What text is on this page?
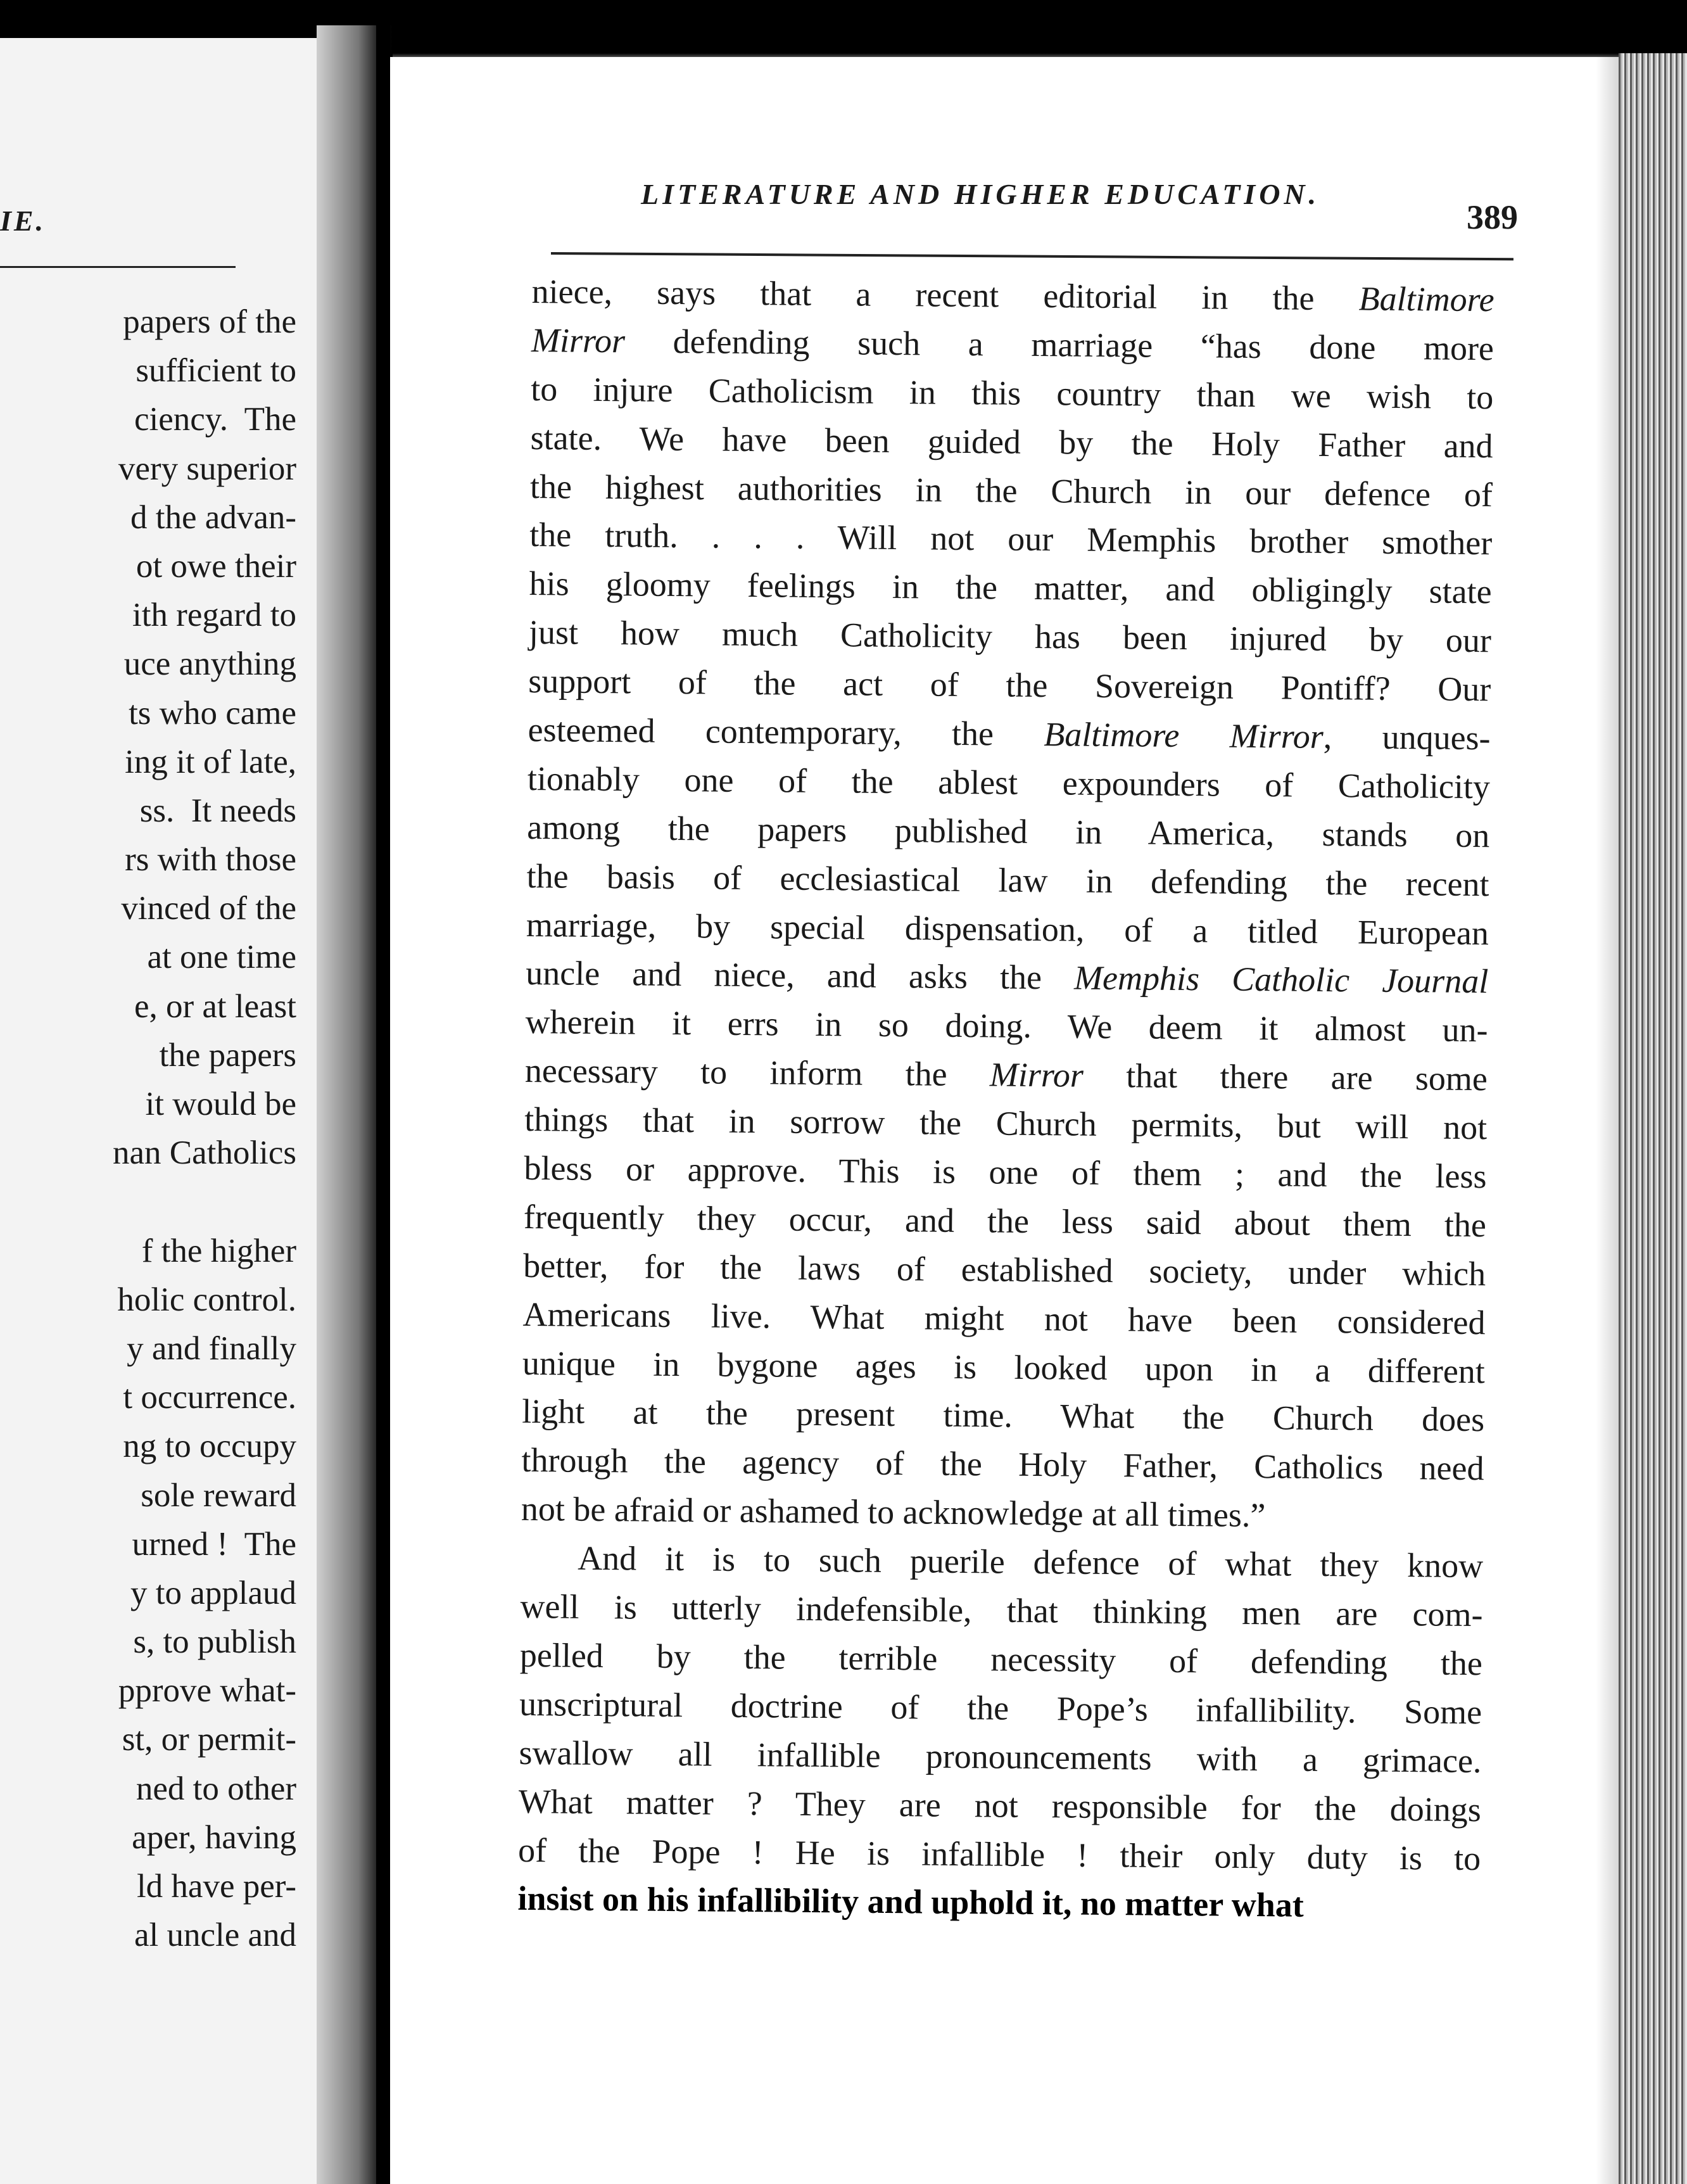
IE.
papers of the
sufficient to
ciency.  The
very superior
d the advan-
ot owe their
ith regard to
uce anything
ts who came
ing it of late,
ss.  It needs
rs with those
vinced of the
at one time
e, or at least
the papers
it would be
nan Catholics
f the higher
holic control.
y and finally
t occurrence.
ng to occupy
sole reward
urned !  The
y to applaud
s, to publish
pprove what-
st, or permit-
ned to other
aper, having
ld have per-
al uncle and
LITERATURE AND HIGHER EDUCATION.
389
niece, says that a recent editorial in the Baltimore
Mirror defending such a marriage “has done more
to injure Catholicism in this country than we wish to
state. We have been guided by the Holy Father and
the highest authorities in the Church in our defence of
the truth. . . . Will not our Memphis brother smother
his gloomy feelings in the matter, and obligingly state
just how much Catholicity has been injured by our
support of the act of the Sovereign Pontiff? Our
esteemed contemporary, the Baltimore Mirror, unques-
tionably one of the ablest expounders of Catholicity
among the papers published in America, stands on
the basis of ecclesiastical law in defending the recent
marriage, by special dispensation, of a titled European
uncle and niece, and asks the Memphis Catholic Journal
wherein it errs in so doing. We deem it almost un-
necessary to inform the Mirror that there are some
things that in sorrow the Church permits, but will not
bless or approve. This is one of them ; and the less
frequently they occur, and the less said about them the
better, for the laws of established society, under which
Americans live. What might not have been considered
unique in bygone ages is looked upon in a different
light at the present time. What the Church does
through the agency of the Holy Father, Catholics need
not be afraid or ashamed to acknowledge at all times.”
And it is to such puerile defence of what they know
well is utterly indefensible, that thinking men are com-
pelled by the terrible necessity of defending the
unscriptural doctrine of the Pope’s infallibility. Some
swallow all infallible pronouncements with a grimace.
What matter ? They are not responsible for the doings
of the Pope ! He is infallible ! their only duty is to
insist on his infallibility and uphold it, no matter what
